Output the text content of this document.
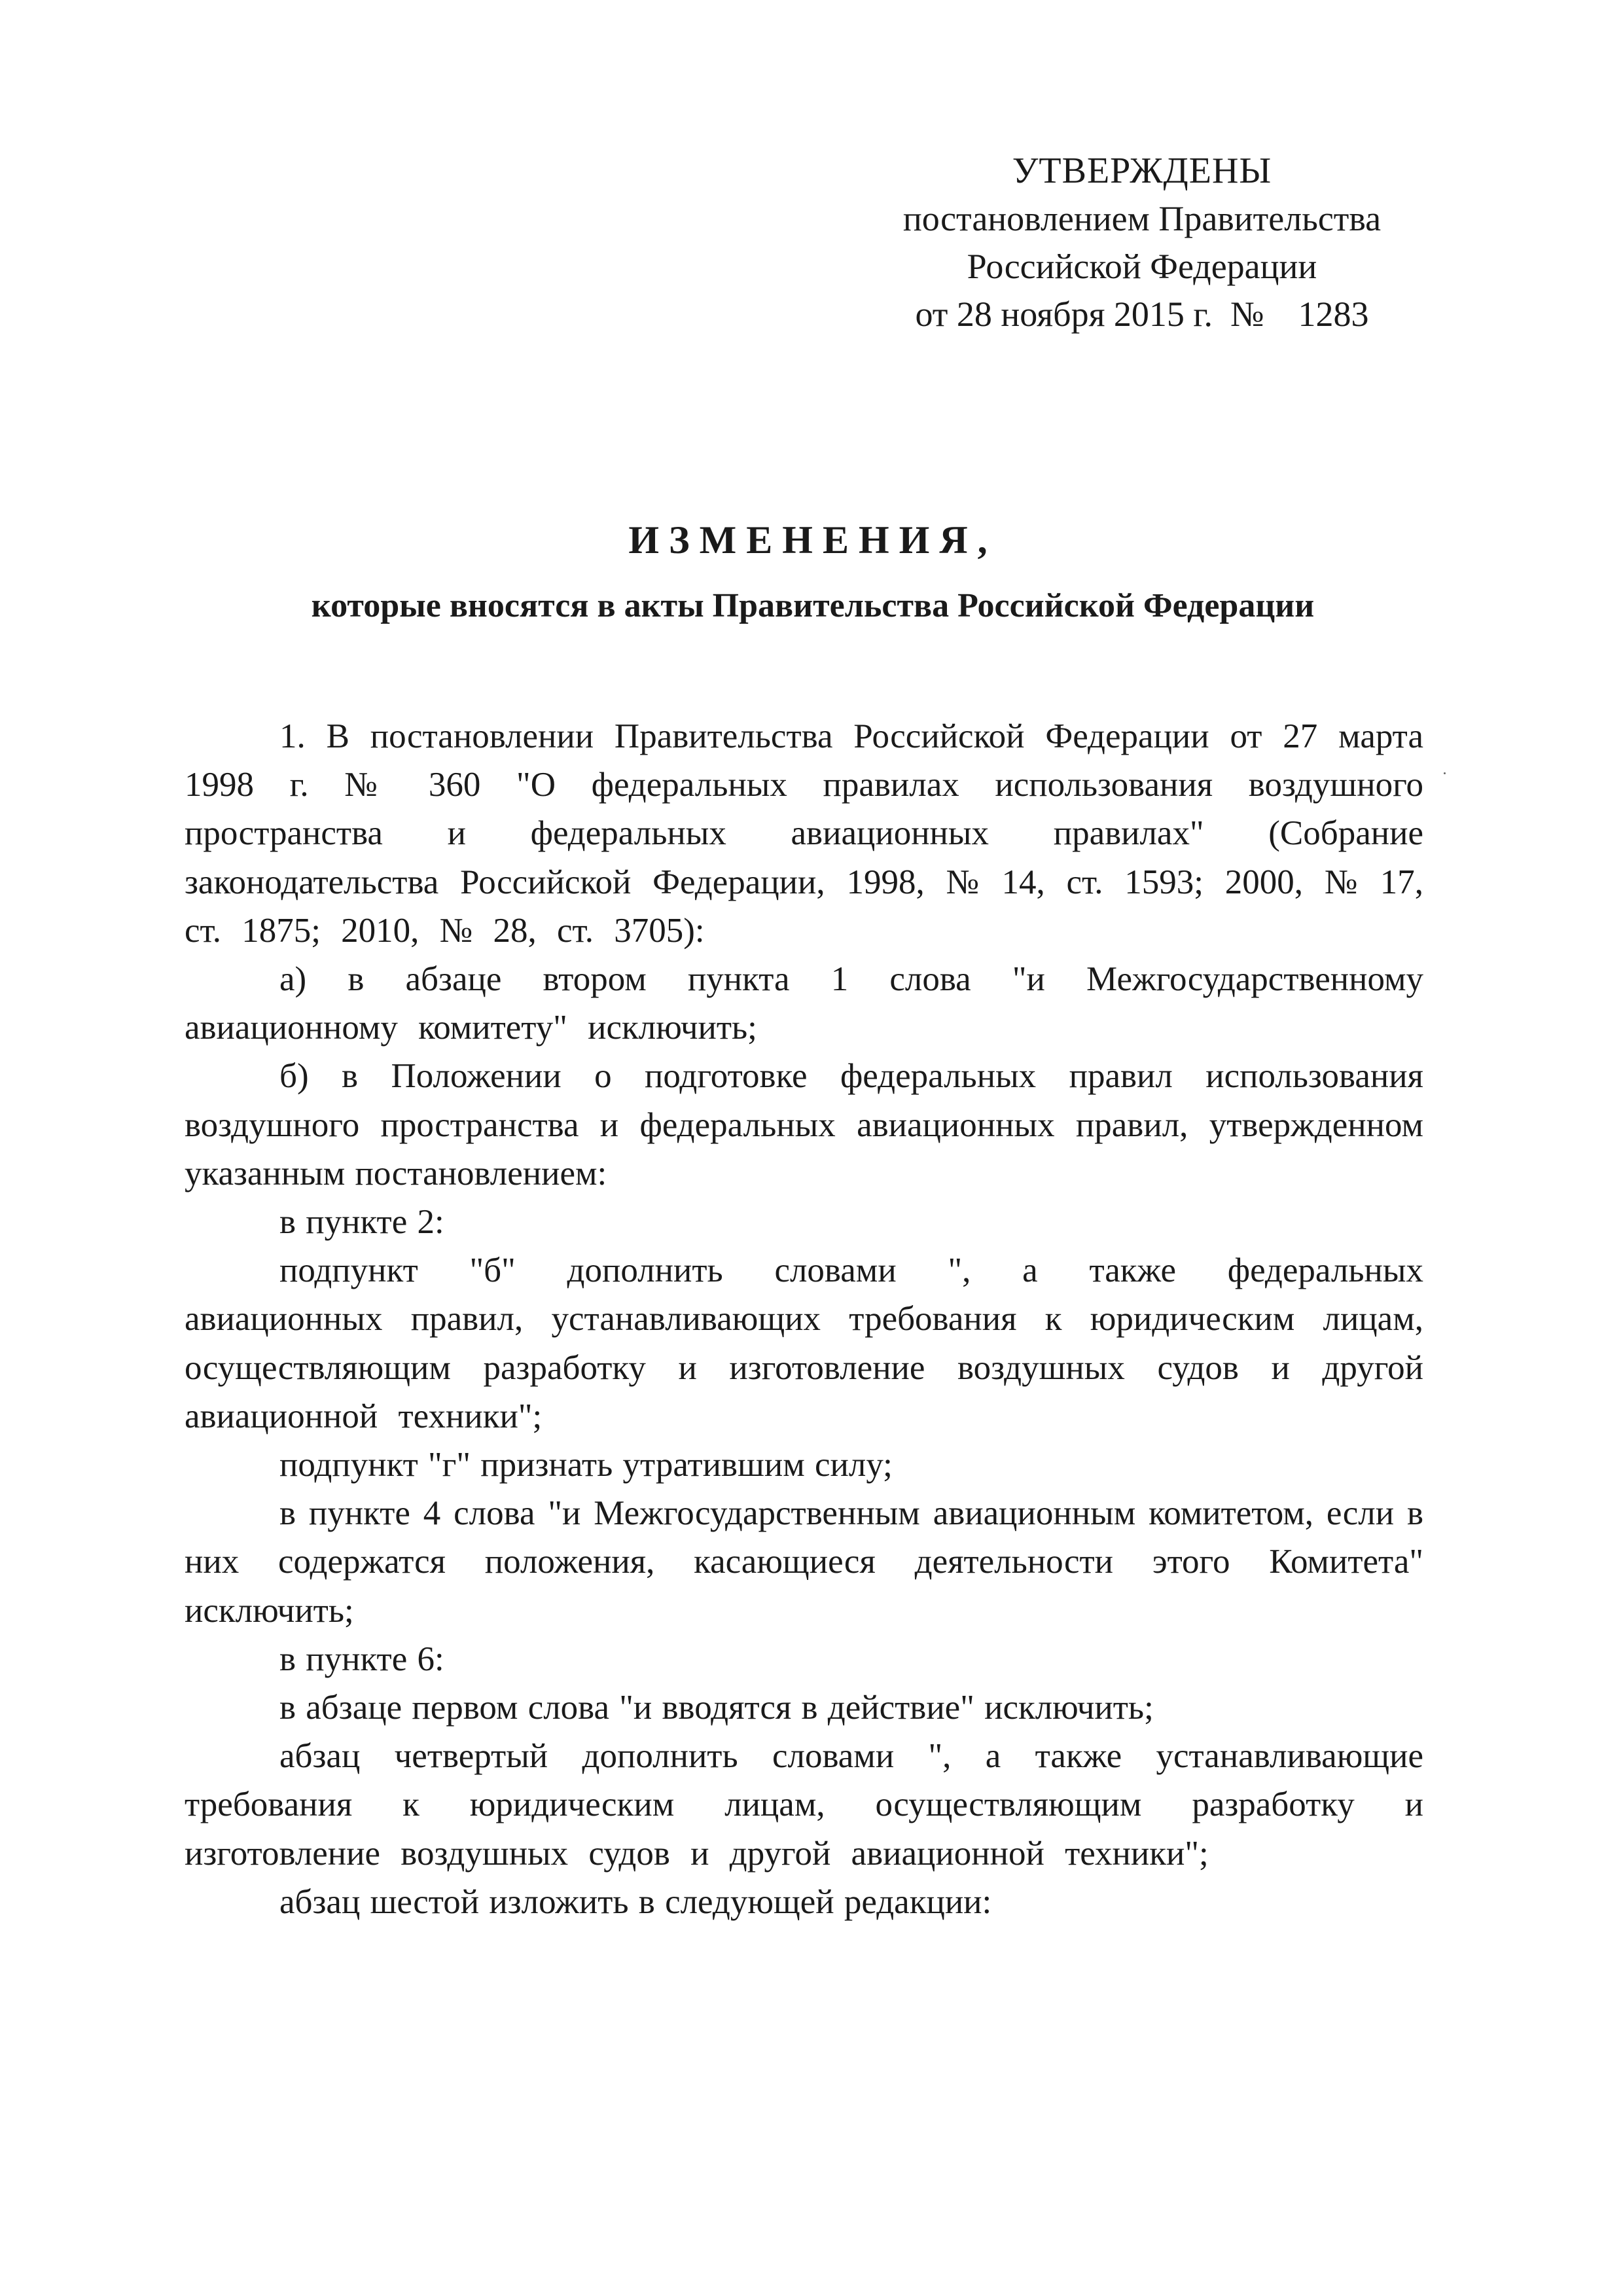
УТВЕРЖДЕНЫ
постановлением Правительства
Российской Федерации
от 28 ноября 2015 г. № 1283
ИЗМЕНЕНИЯ,
которые вносятся в акты Правительства Российской Федерации

1. В постановлении Правительства Российской Федерации от 27 марта 1998 г. № 360 "О федеральных правилах использования воздушного пространства и федеральных авиационных правилах" (Собрание законодательства Российской Федерации, 1998, № 14, ст. 1593; 2000, № 17, ст. 1875; 2010, № 28, ст. 3705):

а) в абзаце втором пункта 1 слова "и Межгосударственному авиационному комитету" исключить;

б) в Положении о подготовке федеральных правил использования воздушного пространства и федеральных авиационных правил, утвержденном указанным постановлением:

в пункте 2:

подпункт "б" дополнить словами ", а также федеральных авиационных правил, устанавливающих требования к юридическим лицам, осуществляющим разработку и изготовление воздушных судов и другой авиационной техники";

подпункт "г" признать утратившим силу;

в пункте 4 слова "и Межгосударственным авиационным комитетом, если в них содержатся положения, касающиеся деятельности этого Комитета" исключить;

в пункте 6:

в абзаце первом слова "и вводятся в действие" исключить;

абзац четвертый дополнить словами ", а также устанавливающие требования к юридическим лицам, осуществляющим разработку и изготовление воздушных судов и другой авиационной техники";

абзац шестой изложить в следующей редакции:
